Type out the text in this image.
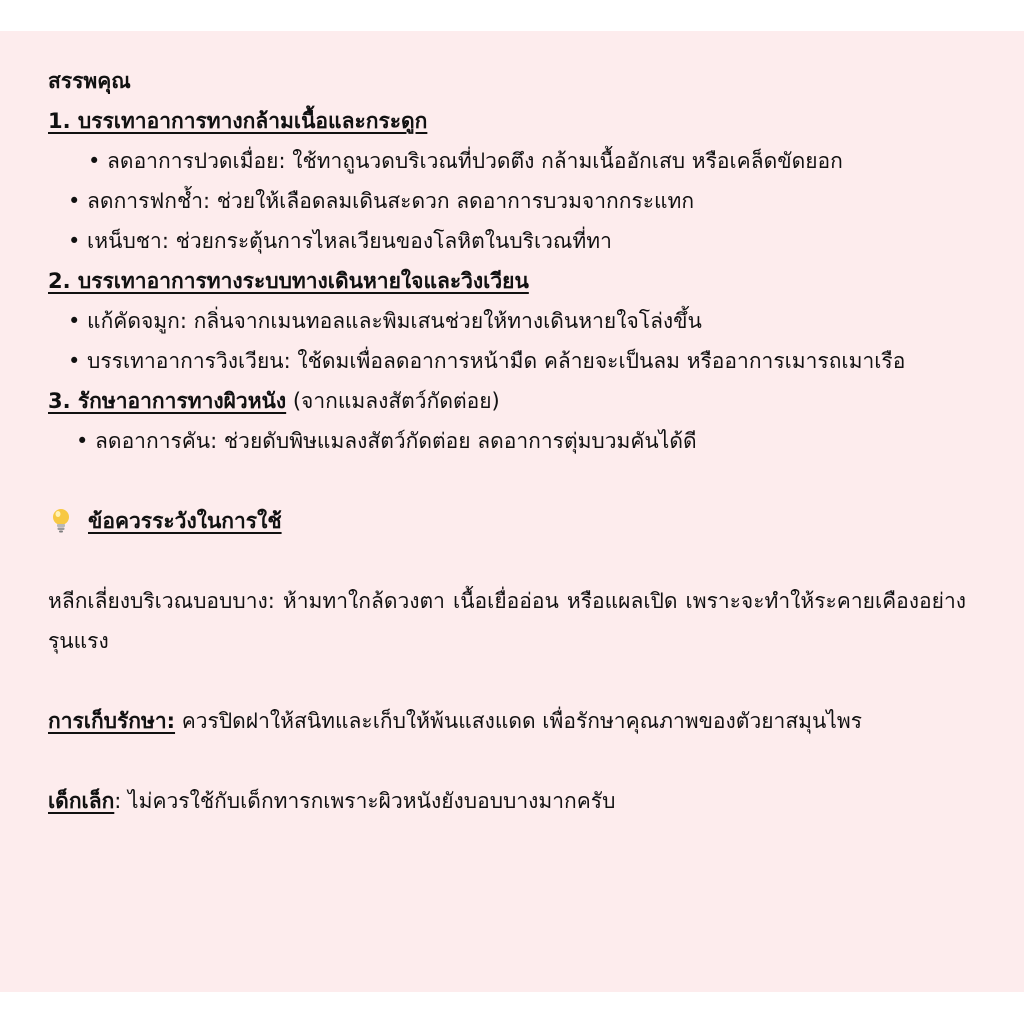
สรรพคุณ

1. บรรเทาอาการทางกล้ามเนื้อและกระดูก

• ลดอาการปวดเมื่อย: ใช้ทาถูนวดบริเวณที่ปวดตึง กล้ามเนื้ออักเสบ หรือเคล็ดขัดยอก

• ลดการฟกช้ำ: ช่วยให้เลือดลมเดินสะดวก ลดอาการบวมจากกระแทก

• เหน็บชา: ช่วยกระตุ้นการไหลเวียนของโลหิตในบริเวณที่ทา

2. บรรเทาอาการทางระบบทางเดินหายใจและวิงเวียน

• แก้คัดจมูก: กลิ่นจากเมนทอลและพิมเสนช่วยให้ทางเดินหายใจโล่งขึ้น

• บรรเทาอาการวิงเวียน: ใช้ดมเพื่อลดอาการหน้ามืด คล้ายจะเป็นลม หรืออาการเมารถเมาเรือ

3. รักษาอาการทางผิวหนัง (จากแมลงสัตว์กัดต่อย)

• ลดอาการคัน: ช่วยดับพิษแมลงสัตว์กัดต่อย ลดอาการตุ่มบวมคันได้ดี

ข้อควรระวังในการใช้

หลีกเลี่ยงบริเวณบอบบาง: ห้ามทาใกล้ดวงตา เนื้อเยื่ออ่อน หรือแผลเปิด เพราะจะทำให้ระคายเคืองอย่างรุนแรง

การเก็บรักษา: ควรปิดฝาให้สนิทและเก็บให้พ้นแสงแดด เพื่อรักษาคุณภาพของตัวยาสมุนไพร

เด็กเล็ก: ไม่ควรใช้กับเด็กทารกเพราะผิวหนังยังบอบบางมากครับ
